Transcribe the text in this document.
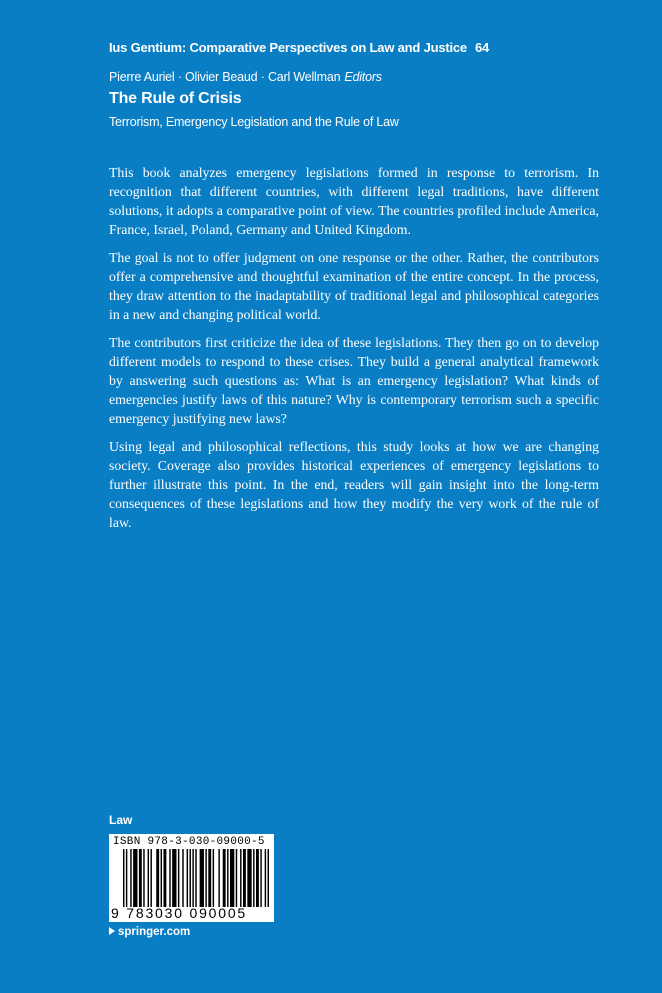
Ius Gentium: Comparative Perspectives on Law and Justice 64
Pierre Auriel · Olivier Beaud · Carl Wellman Editors
The Rule of Crisis
Terrorism, Emergency Legislation and the Rule of Law

This book analyzes emergency legislations formed in response to terrorism. In recognition that different countries, with different legal traditions, have different solutions, it adopts a comparative point of view. The countries profiled include America, France, Israel, Poland, Germany and United Kingdom.

The goal is not to offer judgment on one response or the other. Rather, the contributors offer a comprehensive and thoughtful examination of the entire concept. In the process, they draw attention to the inadaptability of traditional legal and philosophical categories in a new and changing political world.

The contributors first criticize the idea of these legislations. They then go on to develop different models to respond to these crises. They build a general analytical framework by answering such questions as: What is an emergency legislation? What kinds of emergencies justify laws of this nature? Why is contemporary terrorism such a specific emergency justifying new laws?

Using legal and philosophical reflections, this study looks at how we are changing society. Coverage also provides historical experiences of emergency legislations to further illustrate this point. In the end, readers will gain insight into the long-term consequences of these legislations and how they modify the very work of the rule of law.

Law
ISBN 978-3-030-09000-5
9 783030 090005
springer.com
